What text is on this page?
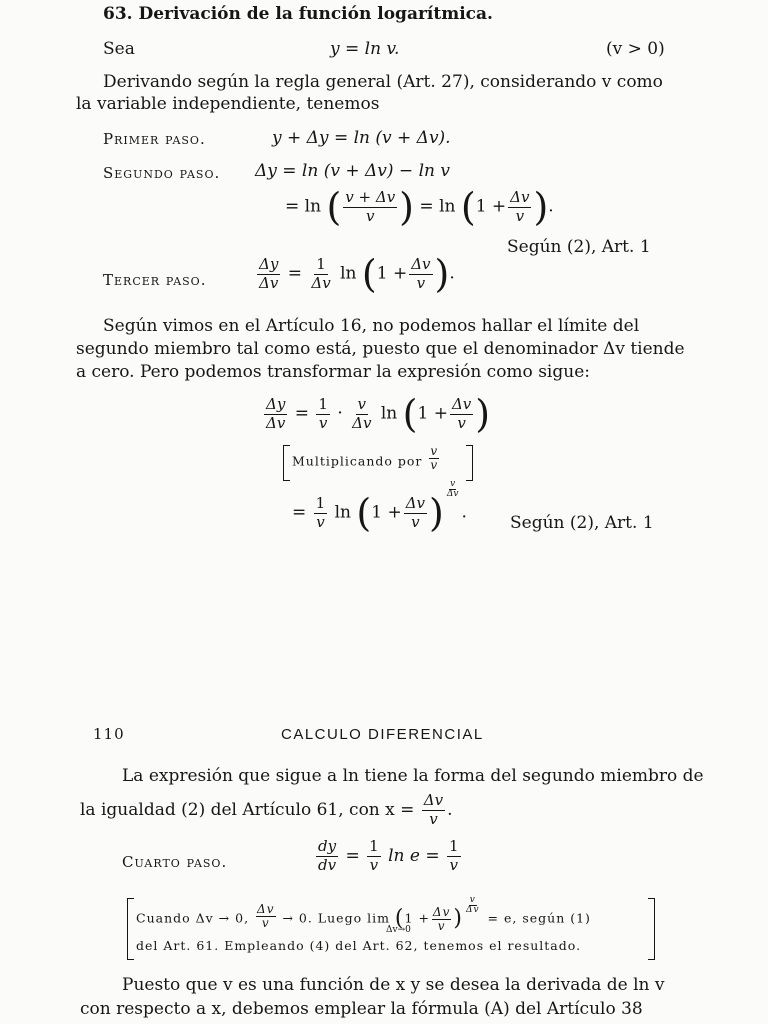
63. Derivación de la función logarítmica.
Sea	y = ln v.	(v > 0)
Derivando según la regla general (Art. 27), considerando v como
la variable independiente, tenemos
Primer paso.	y + Δy = ln (v + Δv).
Segundo paso. Δy = ln (v + Δv) − ln v
= ln ( $\frac{v + \Delta v}{v}$ ) = $\ln (1 + \frac{\Delta v}{v}$ ).
Según (2), Art. 1
Tercer paso.	$\frac{\Delta y}{\Delta v} = \frac{1}{\Delta v}$ $\ln (1 + \frac{\Delta v}{v}$ ).
Según vimos en el Artículo 16, no podemos hallar el límite del
segundo miembro tal como está, puesto que el denominador Δv tiende
a cero. Pero podemos transformar la expresión como sigue:
$\frac{\Delta y}{\Delta v} = \frac{1}{v} \cdot \frac{v}{\Delta v}$ $\ln (1 + \frac{\Delta v}{v}$ )
Multiplicando por $\frac{v}{v}$
= $\frac{1}{v}$ $\ln (1 + \frac{\Delta v}{v}$ )
$\frac{v}{\Delta v}$
.
Según (2), Art. 1
110	CALCULO DIFERENCIAL
La expresión que sigue a ln tiene la forma del segundo miembro de
la igualdad (2) del Artículo 61, con $x = \frac{\Delta v}{v}$ .
Cuarto paso.	$\frac{dy}{dv} = \frac{1}{v}$ $\ln e = \frac{1}{v}$
Cuando Δv → 0, $\frac{\Delta v}{v} \to 0$. Luego $\lim (1 + \frac{\Delta v}{v}$ )
$\frac{v}{\Delta v}$
= e, según (1)
Δv→0
del Art. 61. Empleando (4) del Art. 62, tenemos el resultado.
Puesto que v es una función de x y se desea la derivada de ln v
con respecto a x, debemos emplear la fórmula (A) del Artículo 38
